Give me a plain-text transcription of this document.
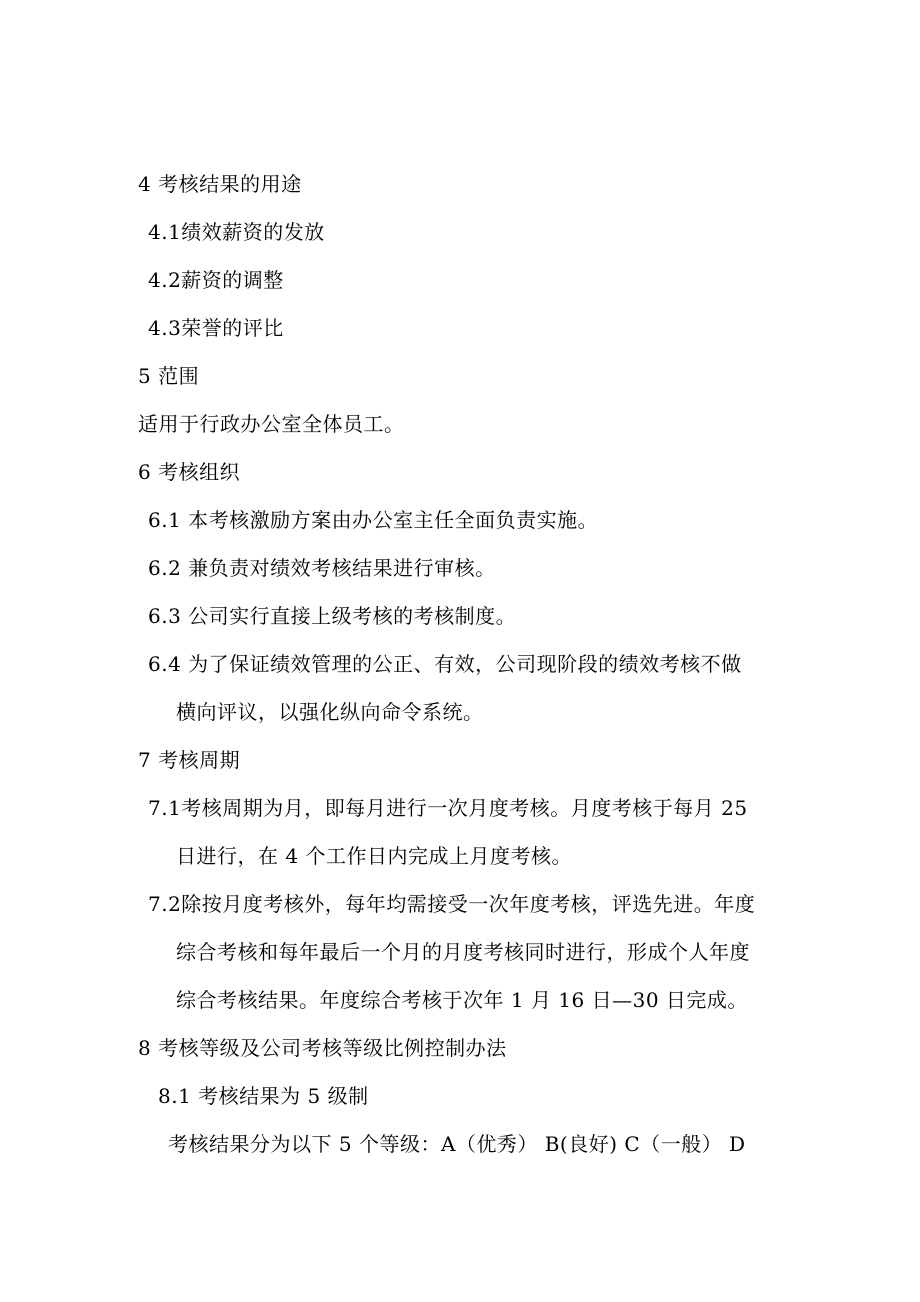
4 考核结果的用途
4.1绩效薪资的发放
4.2薪资的调整
4.3荣誉的评比
5 范围
适用于行政办公室全体员工。
6 考核组织
6.1 本考核激励方案由办公室主任全面负责实施。
6.2 兼负责对绩效考核结果进行审核。
6.3 公司实行直接上级考核的考核制度。
6.4 为了保证绩效管理的公正、有效，公司现阶段的绩效考核不做
横向评议，以强化纵向命令系统。
7 考核周期
7.1考核周期为月，即每月进行一次月度考核。月度考核于每月 25
日进行，在 4 个工作日内完成上月度考核。
7.2除按月度考核外，每年均需接受一次年度考核，评选先进。年度
综合考核和每年最后一个月的月度考核同时进行，形成个人年度
综合考核结果。年度综合考核于次年 1 月 16 日—30 日完成。
8 考核等级及公司考核等级比例控制办法
8.1 考核结果为 5 级制
考核结果分为以下 5 个等级：A（优秀） B(良好) C（一般） D
